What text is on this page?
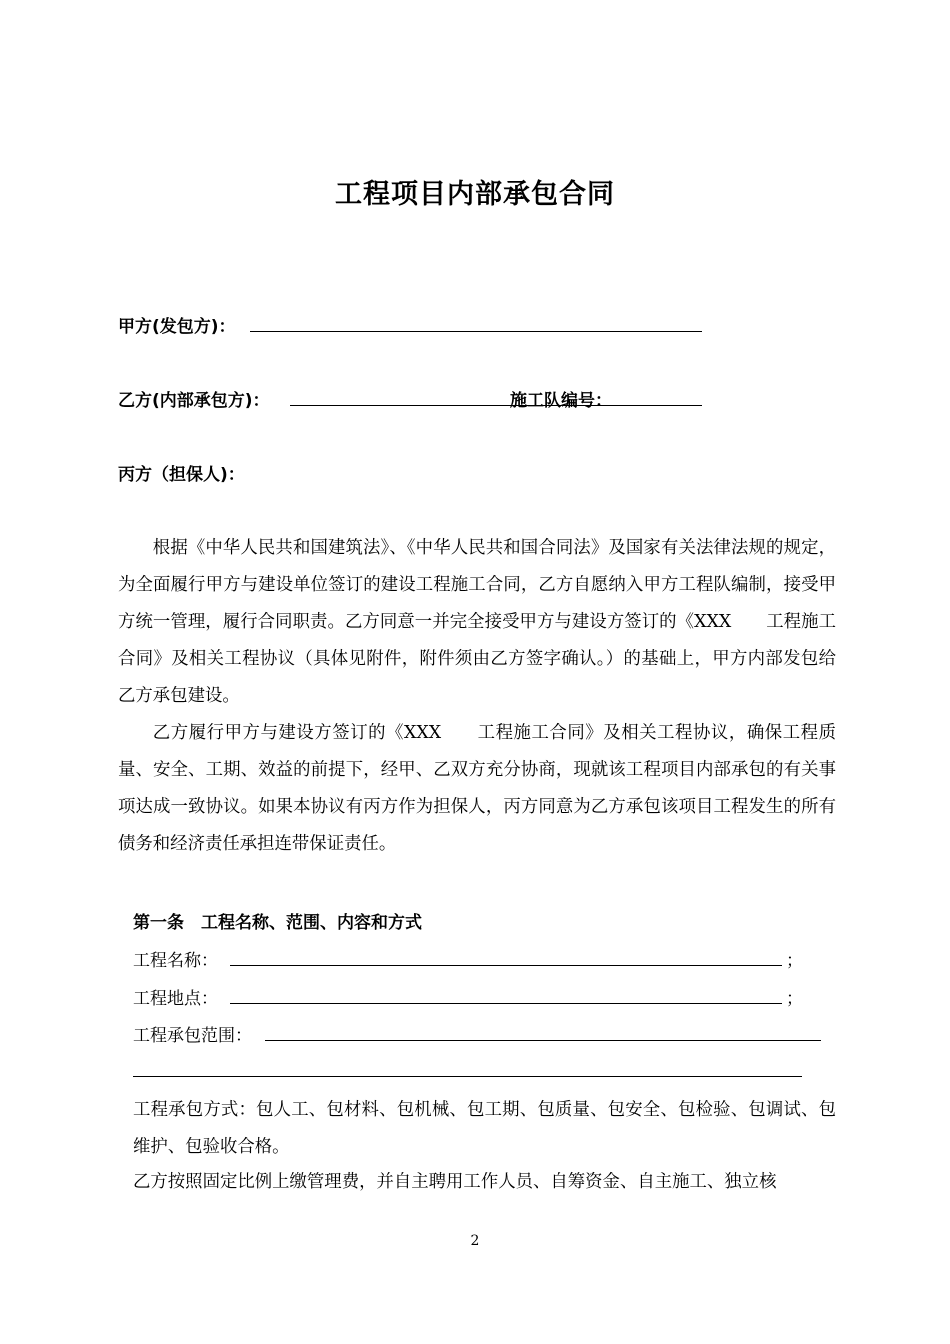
工程项目内部承包合同
甲方(发包方)：
乙方(内部承包方)：	施工队编号：
丙方（担保人)：

根据《中华人民共和国建筑法》、《中华人民共和国合同法》及国家有关法律法规的规定，为全面履行甲方与建设单位签订的建设工程施工合同，乙方自愿纳入甲方工程队编制，接受甲方统一管理，履行合同职责。乙方同意一并完全接受甲方与建设方签订的《XXX　　工程施工合同》及相关工程协议（具体见附件，附件须由乙方签字确认。）的基础上，甲方内部发包给乙方承包建设。

乙方履行甲方与建设方签订的《XXX　　工程施工合同》及相关工程协议，确保工程质量、安全、工期、效益的前提下，经甲、乙双方充分协商，现就该工程项目内部承包的有关事项达成一致协议。如果本协议有丙方作为担保人，丙方同意为乙方承包该项目工程发生的所有债务和经济责任承担连带保证责任。

第一条　工程名称、范围、内容和方式
工程名称：	；
工程地点：	；
工程承包范围：

工程承包方式：包人工、包材料、包机械、包工期、包质量、包安全、包检验、包调试、包维护、包验收合格。

乙方按照固定比例上缴管理费，并自主聘用工作人员、自筹资金、自主施工、独立核

2
